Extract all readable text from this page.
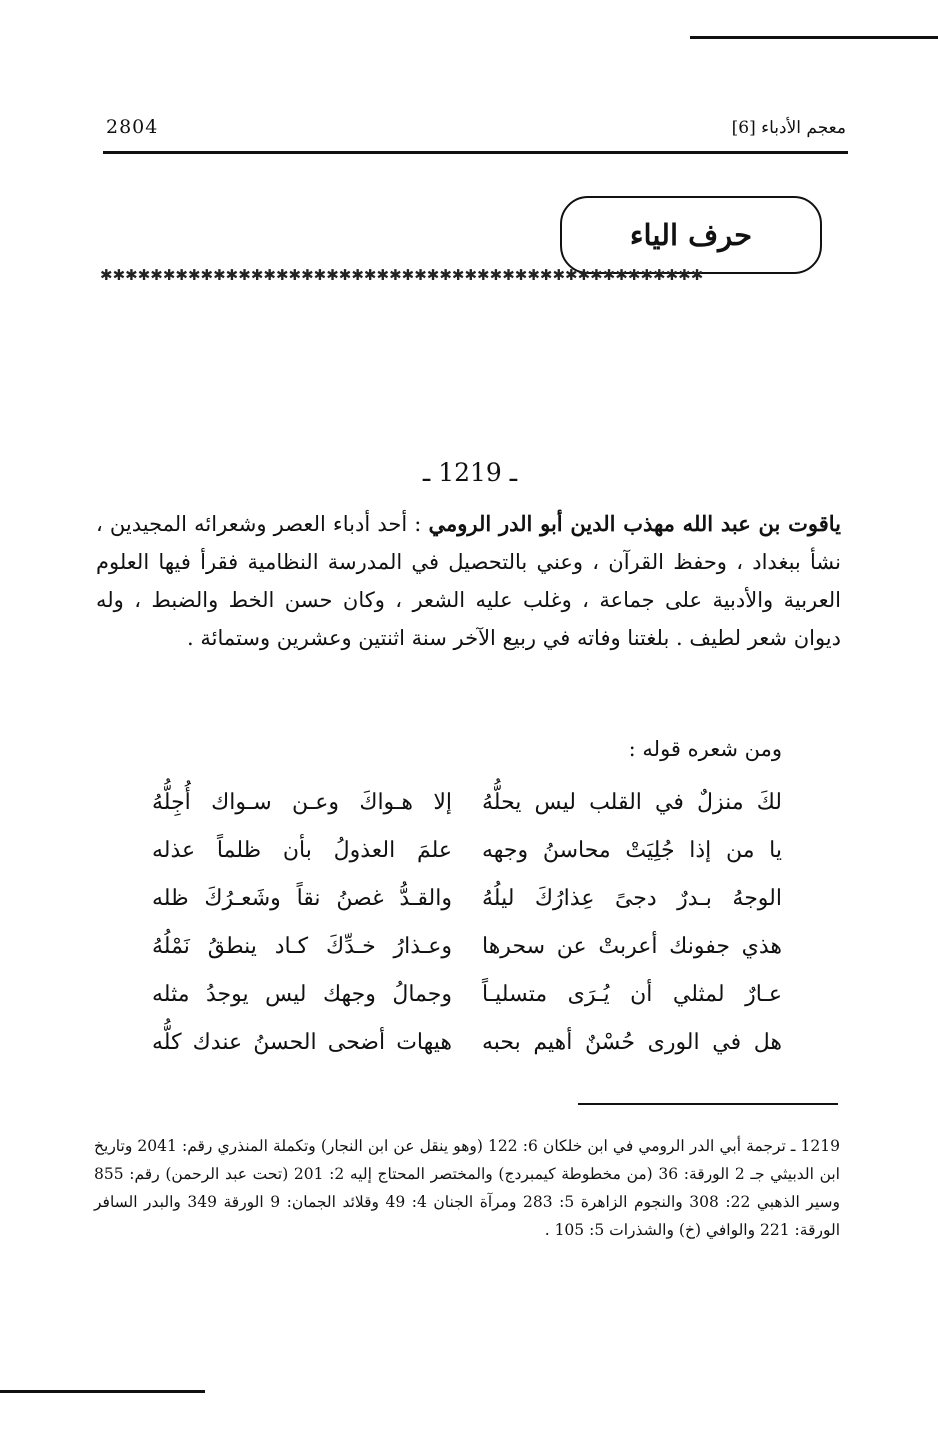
2804	معجم الأدباء [6]
حرف الياء
✱✱✱✱✱✱✱✱✱✱✱✱✱✱✱✱✱✱✱✱✱✱✱✱✱✱✱✱✱✱✱✱✱✱✱✱✱✱✱✱✱✱✱✱✱✱✱✱
ـ 1219 ـ
ياقوت بن عبد الله مهذب الدين أبو الدر الرومي : أحد أدباء العصر وشعرائه المجيدين ، نشأ ببغداد ، وحفظ القرآن ، وعني بالتحصيل في المدرسة النظامية فقرأ فيها العلوم العربية والأدبية على جماعة ، وغلب عليه الشعر ، وكان حسن الخط والضبط ، وله ديوان شعر لطيف . بلغتنا وفاته في ربيع الآخر سنة اثنتين وعشرين وستمائة .
ومن شعره قوله :
لكَ منزلٌ في القلب ليس يحلُّهُ
إلا هـواكَ وعـن سـواك أُجِلُّهُ
يا من إذا جُلِيَتْ محاسنُ وجهه
علمَ العذولُ بأن ظلماً عذله
الوجهُ بـدرٌ دجىً عِذارُكَ ليلُهُ
والقـدُّ غصنُ نقاً وشَعـرُكَ ظله
هذي جفونك أعربتْ عن سحرها
وعـذارُ خـدِّكَ كـاد ينطقُ نَمْلُهُ
عـارٌ لمثلي أن يُـرَى متسليـاً
وجمالُ وجهك ليس يوجدُ مثله
هل في الورى حُسْنٌ أهيم بحبه
هيهات أضحى الحسنُ عندك كلُّه
1219 ـ ترجمة أبي الدر الرومي في ابن خلكان 6: 122 (وهو ينقل عن ابن النجار) وتكملة المنذري رقم: 2041 وتاريخ ابن الدبيثي جـ 2 الورقة: 36 (من مخطوطة كيمبردج) والمختصر المحتاج إليه 2: 201 (تحت عبد الرحمن) رقم: 855 وسير الذهبي 22: 308 والنجوم الزاهرة 5: 283 ومرآة الجنان 4: 49 وقلائد الجمان: 9 الورقة 349 والبدر السافر الورقة: 221 والوافي (خ) والشذرات 5: 105 .
